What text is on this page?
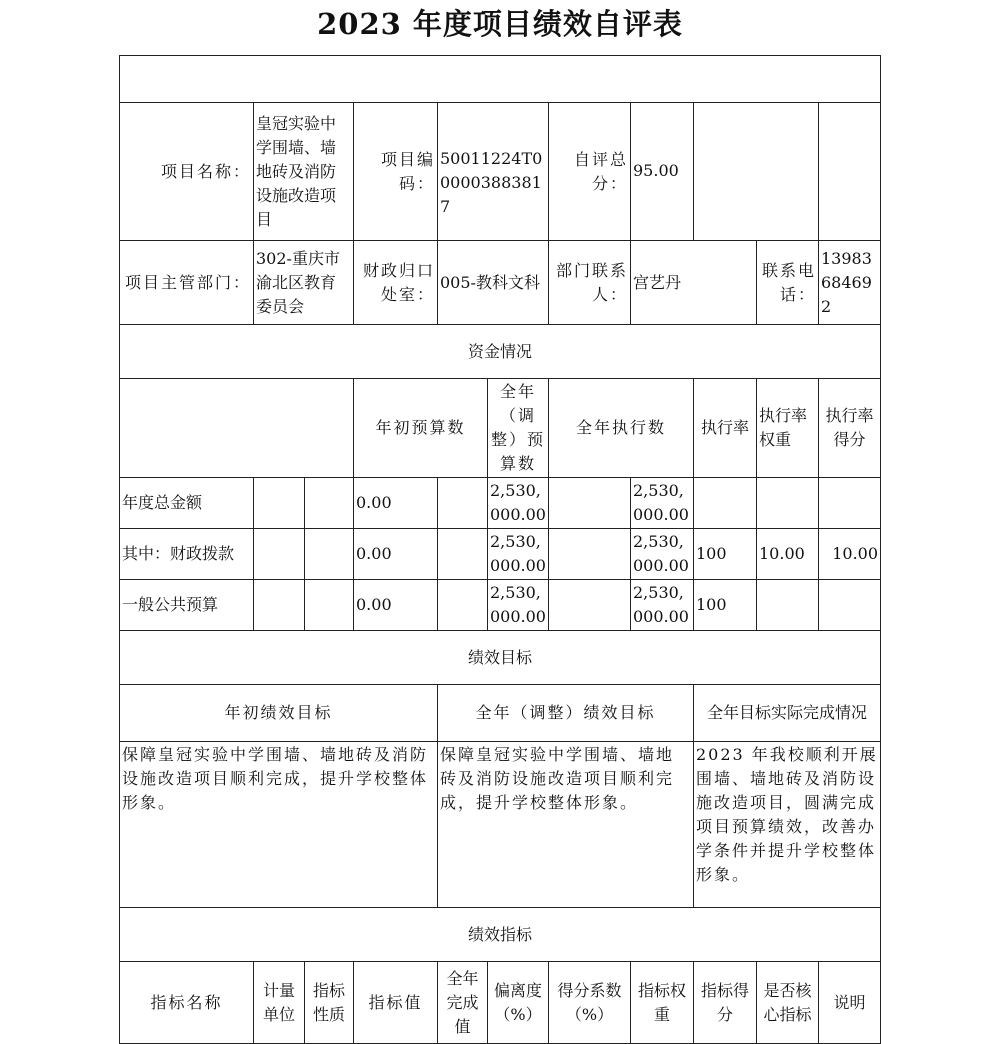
2023 年度项目绩效自评表

项目名称：	皇冠实验中学围墙、墙地砖及消防设施改造项目		项目编码：	50011224T000003883817		自评总分：	95.00			
项目主管部门：	302-重庆市渝北区教育委员会		财政归口处室：	005-教科文科		部门联系人：	宫艺丹		联系电话：	13983684692
资金情况										
			年初预算数		全年（调整）预算数	全年执行数		执行率	执行率权重	执行率得分
年度总金额			0.00		2,530,000.00		2,530,000.00			
其中：财政拨款			0.00		2,530,000.00		2,530,000.00	100	10.00	10.00
一般公共预算			0.00		2,530,000.00		2,530,000.00	100		
绩效目标										
年初绩效目标				全年（调整）绩效目标				全年目标实际完成情况		
保障皇冠实验中学围墙、墙地砖及消防设施改造项目顺利完成，提升学校整体形象。				保障皇冠实验中学围墙、墙地砖及消防设施改造项目顺利完成，提升学校整体形象。				2023 年我校顺利开展围墙、墙地砖及消防设施改造项目，圆满完成项目预算绩效，改善办学条件并提升学校整体形象。		
绩效指标										
指标名称	计量单位	指标性质	指标值	全年完成值	偏离度（%）	得分系数（%）	指标权重	指标得分	是否核心指标	说明
